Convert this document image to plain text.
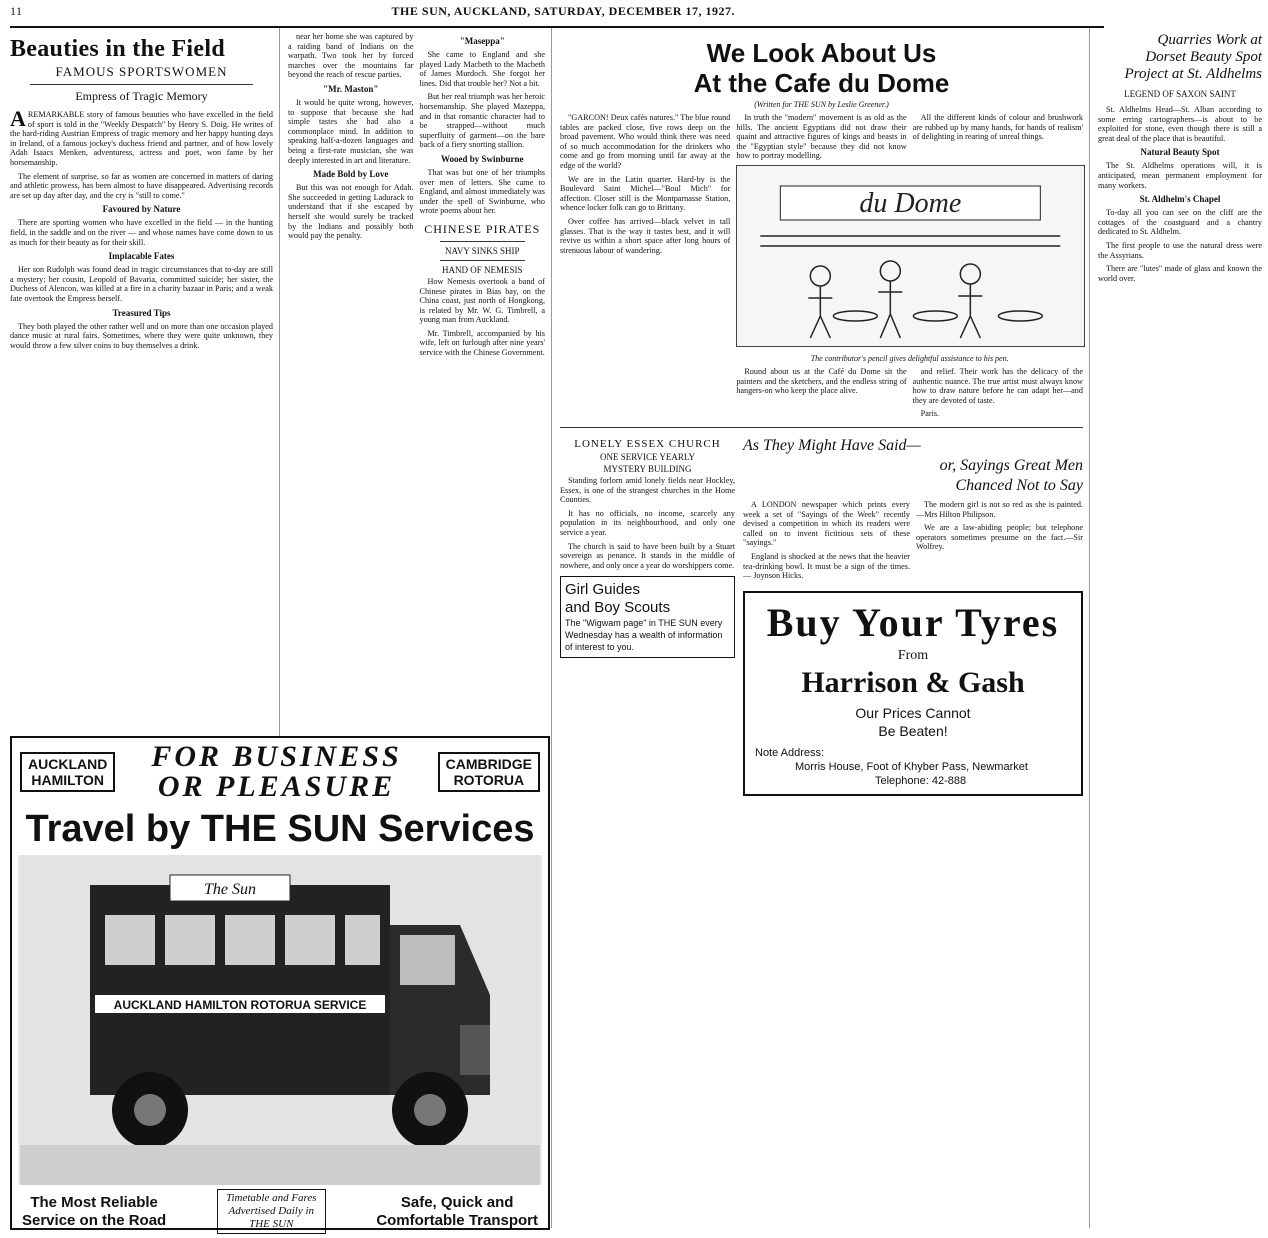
11	THE SUN, AUCKLAND, SATURDAY, DECEMBER 17, 1927.
Beauties in the Field
FAMOUS SPORTSWOMEN
Empress of Tragic Memory

AREMARKABLE story of famous beauties who have excelled in the field of sport is told in the "Weekly Despatch" by Henry S. Doig. He writes of the hard-riding Austrian Empress of tragic memory and her happy hunting days in Ireland, of a famous jockey's duchess friend and partner, and of how lovely Adah Isaacs Menken, adventuress, actress and poet, won fame by her horsemanship.

The element of surprise, so far as women are concerned in matters of daring and athletic prowess, has been almost to have disappeared. Advertising records are set up day after day, and the cry is "still to come."

Favoured by Nature

There are sporting women who have excelled in the field — in the hunting field, in the saddle and on the river — and whose names have come down to us as much for their beauty as for their skill.

Implacable Fates

Her son Rudolph was found dead in tragic circumstances that to-day are still a mystery; her cousin, Leopold of Bavaria, committed suicide; her sister, the Duchess of Alencon, was killed at a fire in a charity bazaar in Paris; and a weak fate overtook the Empress herself.

Treasured Tips

They both played the other rather well and on more than one occasion played dance music at rural fairs. Sometimes, where they were quite unknown, they would throw a few silver coins to buy themselves a drink.

near her home she was captured by a raiding band of Indians on the warpath. Two took her by forced marches over the mountains far beyond the reach of rescue parties.

"Mr. Maston"

It would be quite wrong, however, to suppose that because she had simple tastes she had also a commonplace mind. In addition to speaking half-a-dozen languages and being a first-rate musician, she was deeply interested in art and literature.

Made Bold by Love

But this was not enough for Adah. She succeeded in getting Ladurack to understand that if she escaped by herself she would surely be tracked by the Indians and possibly both would pay the penalty.

"Maseppa"

She came to England and she played Lady Macbeth to the Macbeth of James Murdoch. She forgot her lines. Did that trouble her? Not a bit.

But her real triumph was her heroic horsemanship. She played Mazeppa, and in that romantic character had to be strapped—without much superfluity of garment—on the bare back of a fiery snorting stallion.

Wooed by Swinburne

That was but one of her triumphs over men of letters. She came to England, and almost immediately was under the spell of Swinburne, who wrote poems about her.

CHINESE PIRATES
NAVY SINKS SHIP
HAND OF NEMESIS

How Nemesis overtook a band of Chinese pirates in Bias bay, on the China coast, just north of Hongkong, is related by Mr. W. G. Timbrell, a young man from Auckland.

Mr. Timbrell, accompanied by his wife, left on furlough after nine years' service with the Chinese Government.

We Look About Us
At the Cafe du Dome
(Written for THE SUN by Leslie Greener.)

"GARCON! Deux cafés natures." The blue round tables are packed close, five rows deep on the broad pavement. Who would think there was need of so much accommodation for the drinkers who come and go from morning until far away at the edge of the world?

We are in the Latin quarter. Hard-by is the Boulevard Saint Michel—"Boul Mich" for affection. Closer still is the Montparnasse Station, whence locker folk can go to Brittany.

Over coffee has arrived—black velvet in tall glasses. That is the way it tastes best, and it will revive us within a short space after long hours of strenuous labour of wandering.

In truth the "modern" movement is as old as the hills. The ancient Egyptians did not draw their quaint and attractive figures of kings and beasts in the "Egyptian style" because they did not know how to portray modelling.

All the different kinds of colour and brushwork are rubbed up by many hands, for hands of realism' of delighting in rearing of unreal things.

du Dome
The contributor's pencil gives delightful assistance to his pen.

Round about us at the Café du Dome sit the painters and the sketchers, and the endless string of hangers-on who keep the place alive.

and relief. Their work has the delicacy of the authentic nuance. The true artist must always know how to draw nature before he can adapt her—and they are devoted of taste.

Paris.

LONELY ESSEX CHURCH
ONE SERVICE YEARLY
MYSTERY BUILDING

Standing forlorn amid lonely fields near Hockley, Essex, is one of the strangest churches in the Home Counties.

It has no officials, no income, scarcely any population in its neighbourhood, and only one service a year.

The church is said to have been built by a Stuart sovereign as penance. It stands in the middle of nowhere, and only once a year do worshippers come.

Girl Guides
and Boy Scouts
The "Wigwam page" in THE SUN every Wednesday has a wealth of information of interest to you.
As They Might Have Said—
or, Sayings Great Men
Chanced Not to Say

A LONDON newspaper which prints every week a set of "Sayings of the Week" recently devised a competition in which its readers were called on to invent fictitious sets of these "sayings."

England is shocked at the news that the heavier tea-drinking bowl. It must be a sign of the times. — Joynson Hicks.

The modern girl is not so red as she is painted.—Mrs Hilton Philipson.

We are a law-abiding people; but telephone operators sometimes presume on the fact.—Sir Wolfrey.

Buy Your Tyres
From
Harrison & Gash
Our Prices Cannot
Be Beaten!
Note Address:
Morris House, Foot of Khyber Pass, Newmarket
Telephone: 42-888
Quarries Work at
Dorset Beauty Spot
Project at St. Aldhelms
LEGEND OF SAXON SAINT

St. Aldhelms Head—St. Alban according to some erring cartographers—is about to be exploited for stone, even though there is still a great deal of the place that is beautiful.

Natural Beauty Spot

The St. Aldhelms operations will, it is anticipated, mean permanent employment for many workers.

St. Aldhelm's Chapel

To-day all you can see on the cliff are the cottages of the coastguard and a chantry dedicated to St. Aldhelm.

The first people to use the natural dress were the Assyrians.

There are "lutes" made of glass and known the world over.

AUCKLAND
HAMILTON
FOR BUSINESS
OR PLEASURE
CAMBRIDGE
ROTORUA
Travel by THE SUN Services
The Sun
AUCKLAND HAMILTON ROTORUA SERVICE
The Most Reliable
Service on the Road
Timetable and Fares
Advertised Daily in
THE SUN
Safe, Quick and
Comfortable Transport
